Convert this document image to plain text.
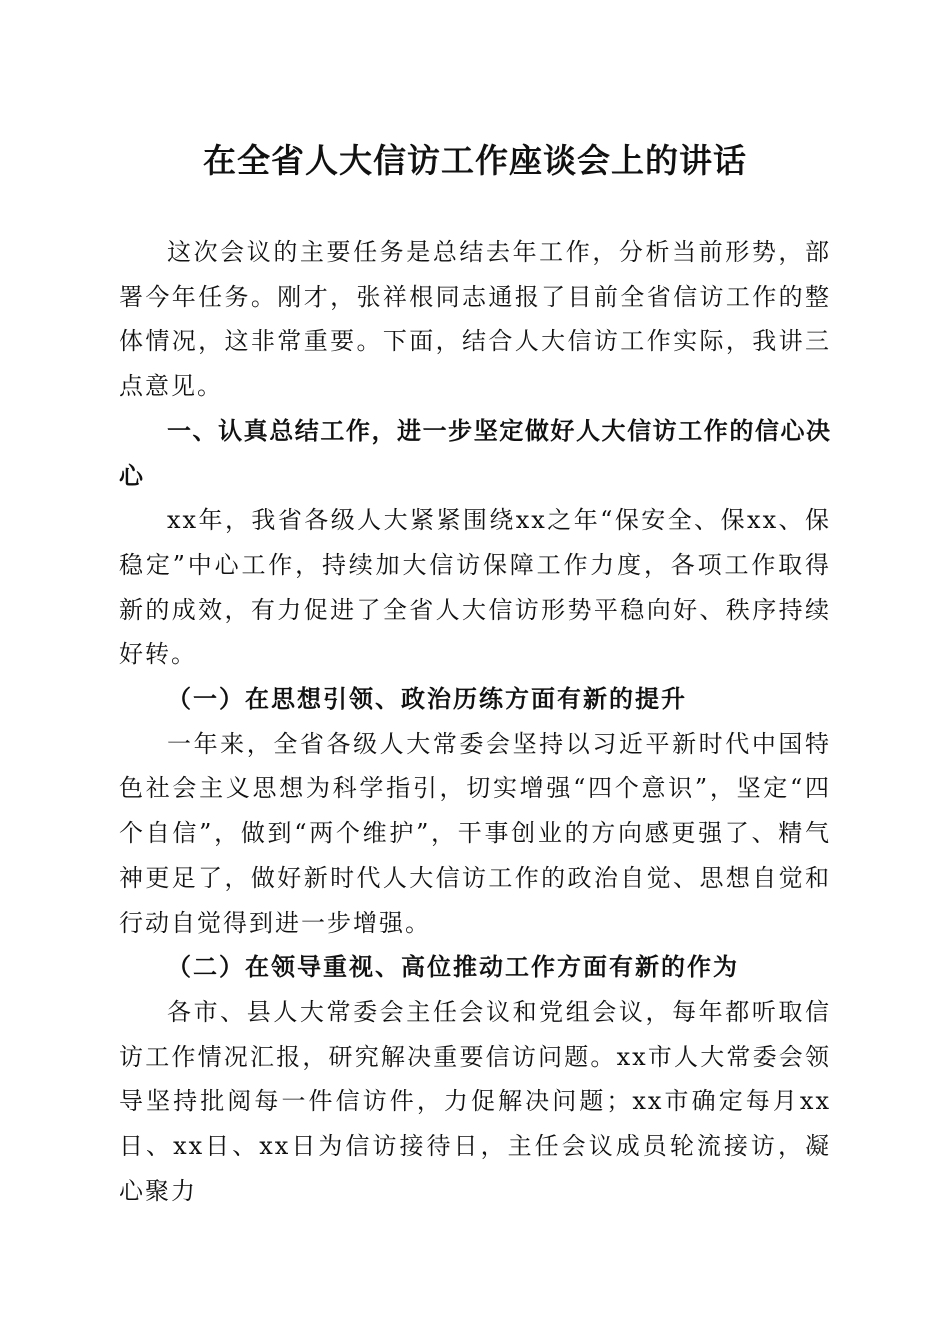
在全省人大信访工作座谈会上的讲话

这次会议的主要任务是总结去年工作，分析当前形势，部署今年任务。刚才，张祥根同志通报了目前全省信访工作的整体情况，这非常重要。下面，结合人大信访工作实际，我讲三点意见。

一、认真总结工作，进一步坚定做好人大信访工作的信心决心

xx年，我省各级人大紧紧围绕xx之年“保安全、保xx、保稳定”中心工作，持续加大信访保障工作力度，各项工作取得新的成效，有力促进了全省人大信访形势平稳向好、秩序持续好转。

（一）在思想引领、政治历练方面有新的提升

一年来，全省各级人大常委会坚持以习近平新时代中国特色社会主义思想为科学指引，切实增强“四个意识”，坚定“四个自信”，做到“两个维护”，干事创业的方向感更强了、精气神更足了，做好新时代人大信访工作的政治自觉、思想自觉和行动自觉得到进一步增强。

（二）在领导重视、高位推动工作方面有新的作为

各市、县人大常委会主任会议和党组会议，每年都听取信访工作情况汇报，研究解决重要信访问题。xx市人大常委会领导坚持批阅每一件信访件，力促解决问题；xx市确定每月xx日、xx日、xx日为信访接待日，主任会议成员轮流接访，凝心聚力
